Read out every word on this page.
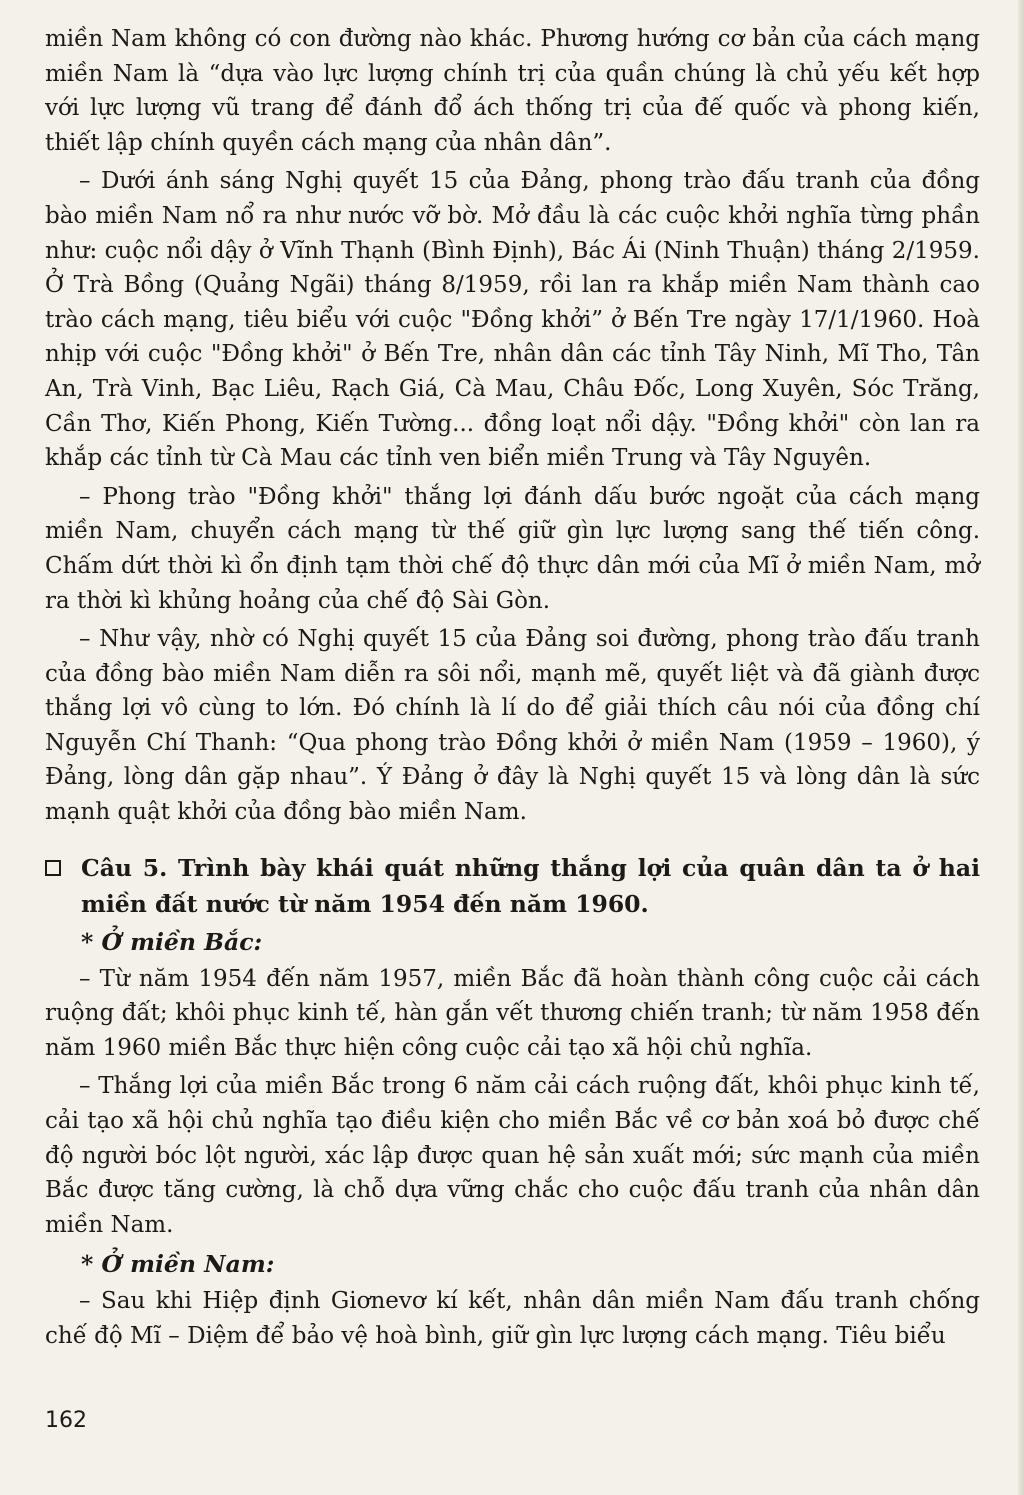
miền Nam không có con đường nào khác. Phương hướng cơ bản của cách mạng miền Nam là “dựa vào lực lượng chính trị của quần chúng là chủ yếu kết hợp với lực lượng vũ trang để đánh đổ ách thống trị của đế quốc và phong kiến, thiết lập chính quyền cách mạng của nhân dân”.

– Dưới ánh sáng Nghị quyết 15 của Đảng, phong trào đấu tranh của đồng bào miền Nam nổ ra như nước vỡ bờ. Mở đầu là các cuộc khởi nghĩa từng phần như: cuộc nổi dậy ở Vĩnh Thạnh (Bình Định), Bác Ái (Ninh Thuận) tháng 2/1959. Ở Trà Bồng (Quảng Ngãi) tháng 8/1959, rồi lan ra khắp miền Nam thành cao trào cách mạng, tiêu biểu với cuộc "Đồng khởi” ở Bến Tre ngày 17/1/1960. Hoà nhịp với cuộc "Đồng khởi" ở Bến Tre, nhân dân các tỉnh Tây Ninh, Mĩ Tho, Tân An, Trà Vinh, Bạc Liêu, Rạch Giá, Cà Mau, Châu Đốc, Long Xuyên, Sóc Trăng, Cần Thơ, Kiến Phong, Kiến Tường... đồng loạt nổi dậy. "Đồng khởi" còn lan ra khắp các tỉnh từ Cà Mau các tỉnh ven biển miền Trung và Tây Nguyên.

– Phong trào "Đồng khởi" thắng lợi đánh dấu bước ngoặt của cách mạng miền Nam, chuyển cách mạng từ thế giữ gìn lực lượng sang thế tiến công. Chấm dứt thời kì ổn định tạm thời chế độ thực dân mới của Mĩ ở miền Nam, mở ra thời kì khủng hoảng của chế độ Sài Gòn.

– Như vậy, nhờ có Nghị quyết 15 của Đảng soi đường, phong trào đấu tranh của đồng bào miền Nam diễn ra sôi nổi, mạnh mẽ, quyết liệt và đã giành được thắng lợi vô cùng to lớn. Đó chính là lí do để giải thích câu nói của đồng chí Nguyễn Chí Thanh: “Qua phong trào Đồng khởi ở miền Nam (1959 – 1960), ý Đảng, lòng dân gặp nhau”. Ý Đảng ở đây là Nghị quyết 15 và lòng dân là sức mạnh quật khởi của đồng bào miền Nam.

Câu 5. Trình bày khái quát những thắng lợi của quân dân ta ở hai miền đất nước từ năm 1954 đến năm 1960.
* Ở miền Bắc:

– Từ năm 1954 đến năm 1957, miền Bắc đã hoàn thành công cuộc cải cách ruộng đất; khôi phục kinh tế, hàn gắn vết thương chiến tranh; từ năm 1958 đến năm 1960 miền Bắc thực hiện công cuộc cải tạo xã hội chủ nghĩa.

– Thắng lợi của miền Bắc trong 6 năm cải cách ruộng đất, khôi phục kinh tế, cải tạo xã hội chủ nghĩa tạo điều kiện cho miền Bắc về cơ bản xoá bỏ được chế độ người bóc lột người, xác lập được quan hệ sản xuất mới; sức mạnh của miền Bắc được tăng cường, là chỗ dựa vững chắc cho cuộc đấu tranh của nhân dân miền Nam.

* Ở miền Nam:

– Sau khi Hiệp định Giơnevơ kí kết, nhân dân miền Nam đấu tranh chống chế độ Mĩ – Diệm để bảo vệ hoà bình, giữ gìn lực lượng cách mạng. Tiêu biểu

162
